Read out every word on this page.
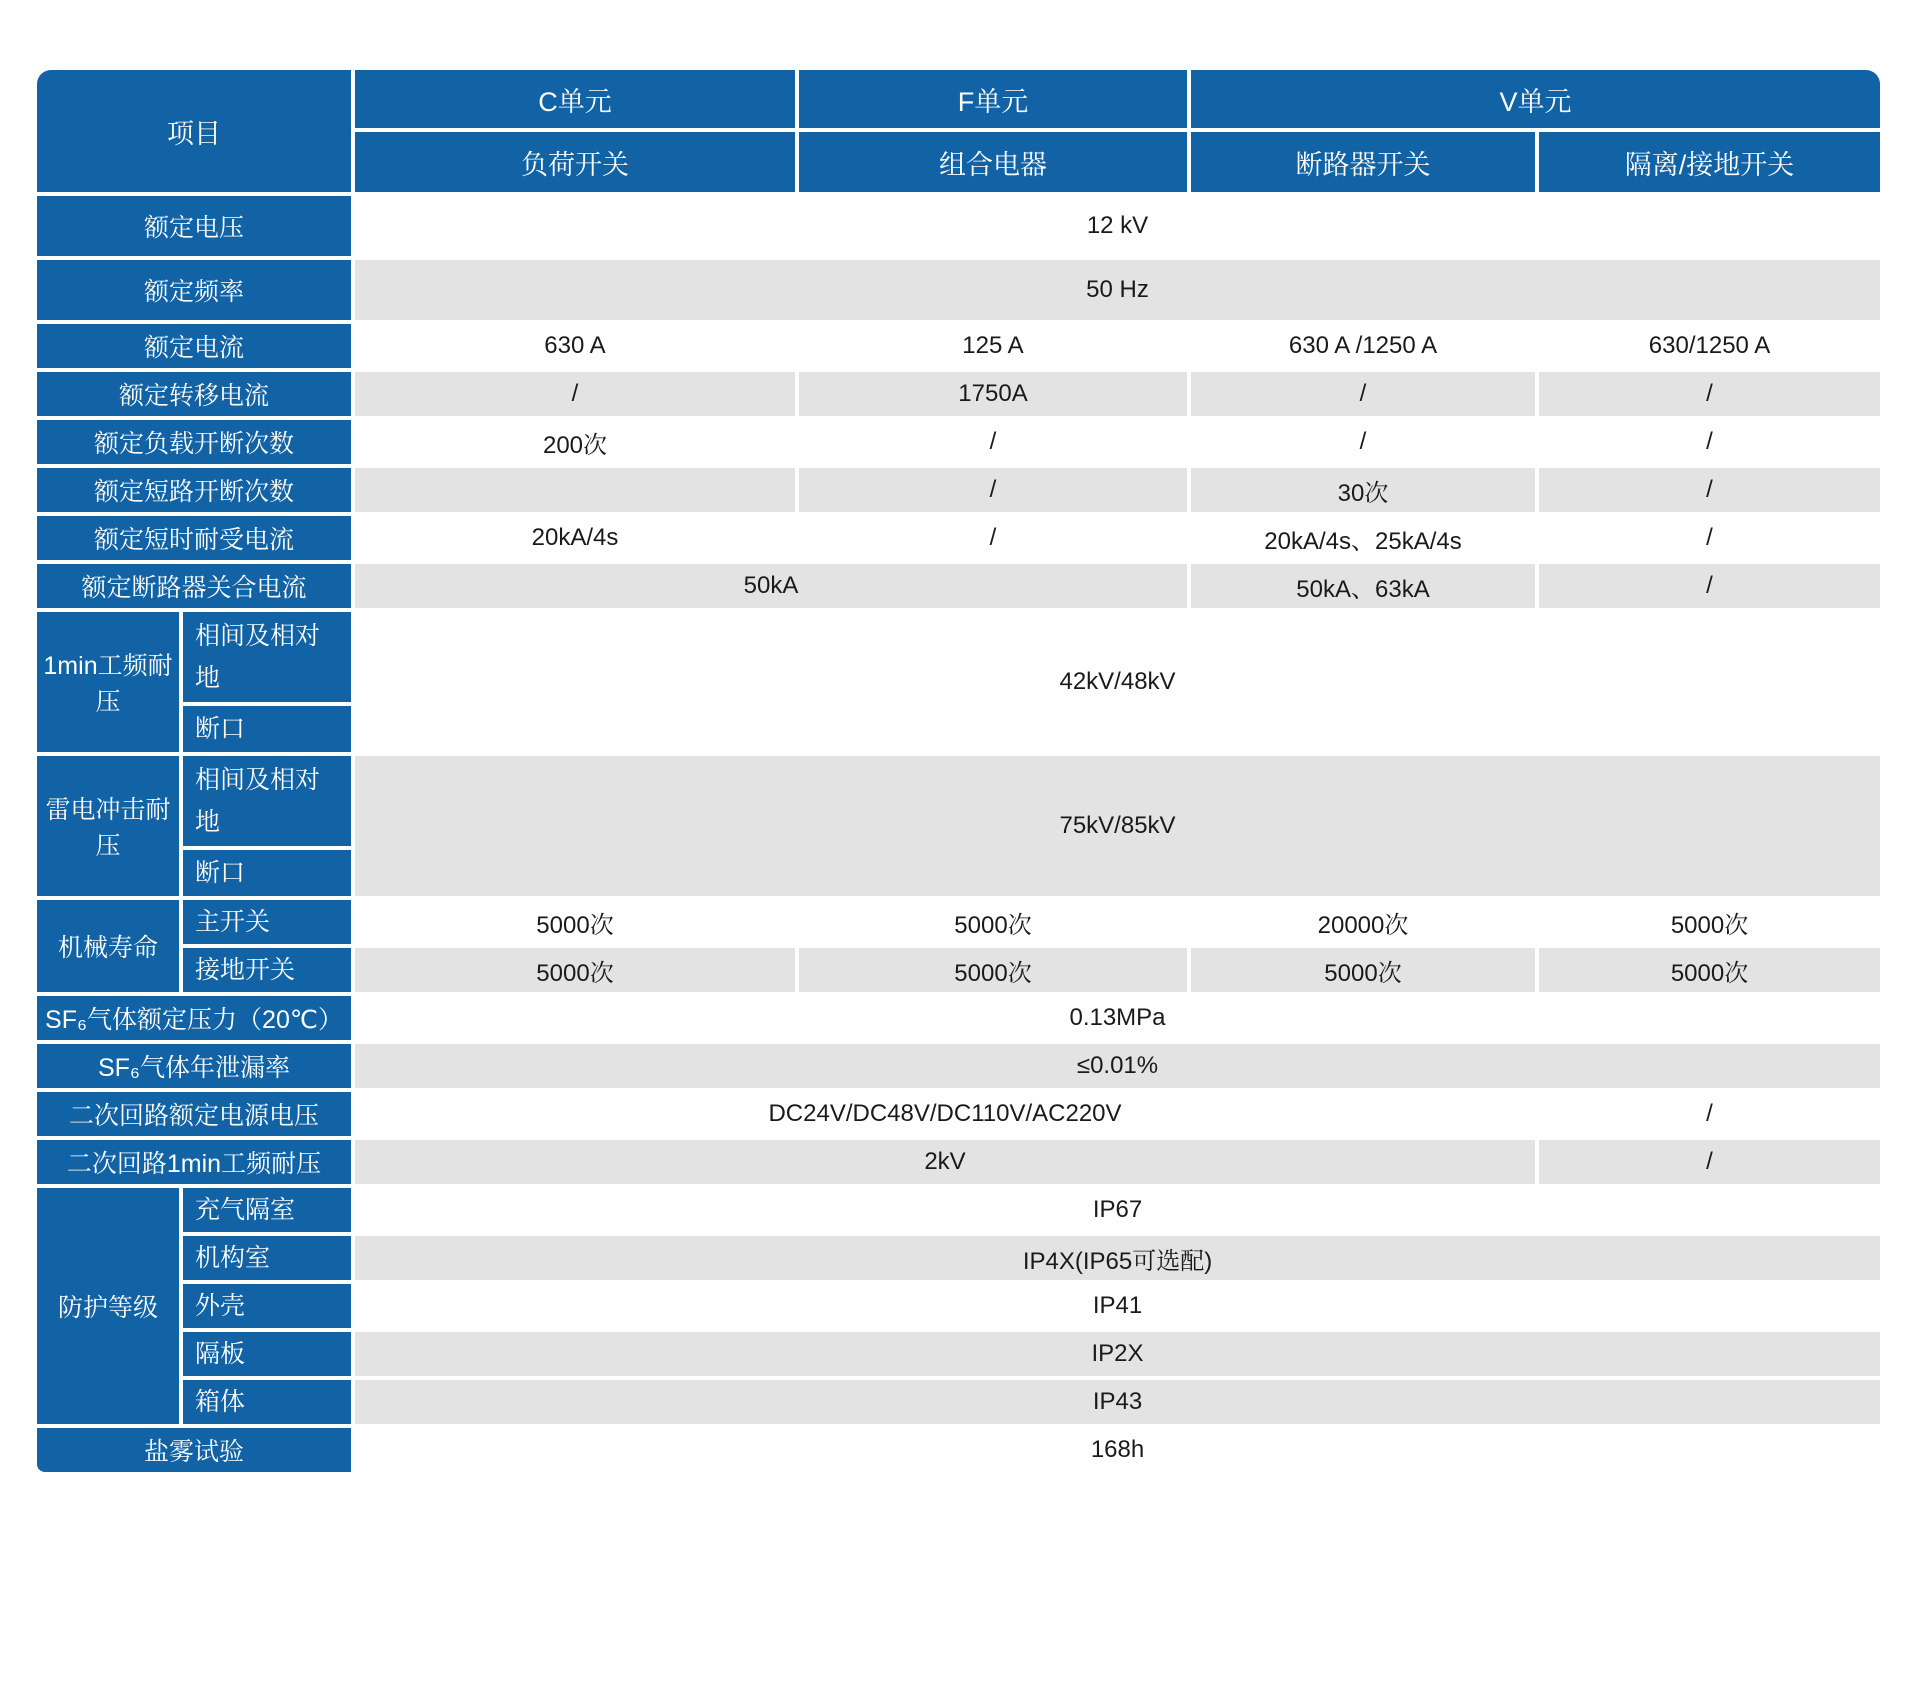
项目		C单元	F单元	V单元	
		负荷开关	组合电器	断路器开关	隔离/接地开关
额定电压		12 kV			
额定频率		50 Hz			
额定电流		630 A	125 A	630 A /1250 A	630/1250 A
额定转移电流		/	1750A	/	/
额定负载开断次数		200次	/	/	/
额定短路开断次数			/	30次	/
额定短时耐受电流		20kA/4s	/	20kA/4s、25kA/4s	/
额定断路器关合电流		50kA		50kA、63kA	/
1min工频耐压	相间及相对地	42kV/48kV			
	断口				
雷电冲击耐压	相间及相对地	75kV/85kV			
	断口				
机械寿命	主开关	5000次	5000次	20000次	5000次
	接地开关	5000次	5000次	5000次	5000次
SF₆气体额定压力（20℃）		0.13MPa			
SF₆气体年泄漏率		≤0.01%			
二次回路额定电源电压		DC24V/DC48V/DC110V/AC220V			/
二次回路1min工频耐压		2kV			/
防护等级	充气隔室	IP67			
	机构室	IP4X(IP65可选配)			
	外壳	IP41			
	隔板	IP2X			
	箱体	IP43			
盐雾试验		168h			
